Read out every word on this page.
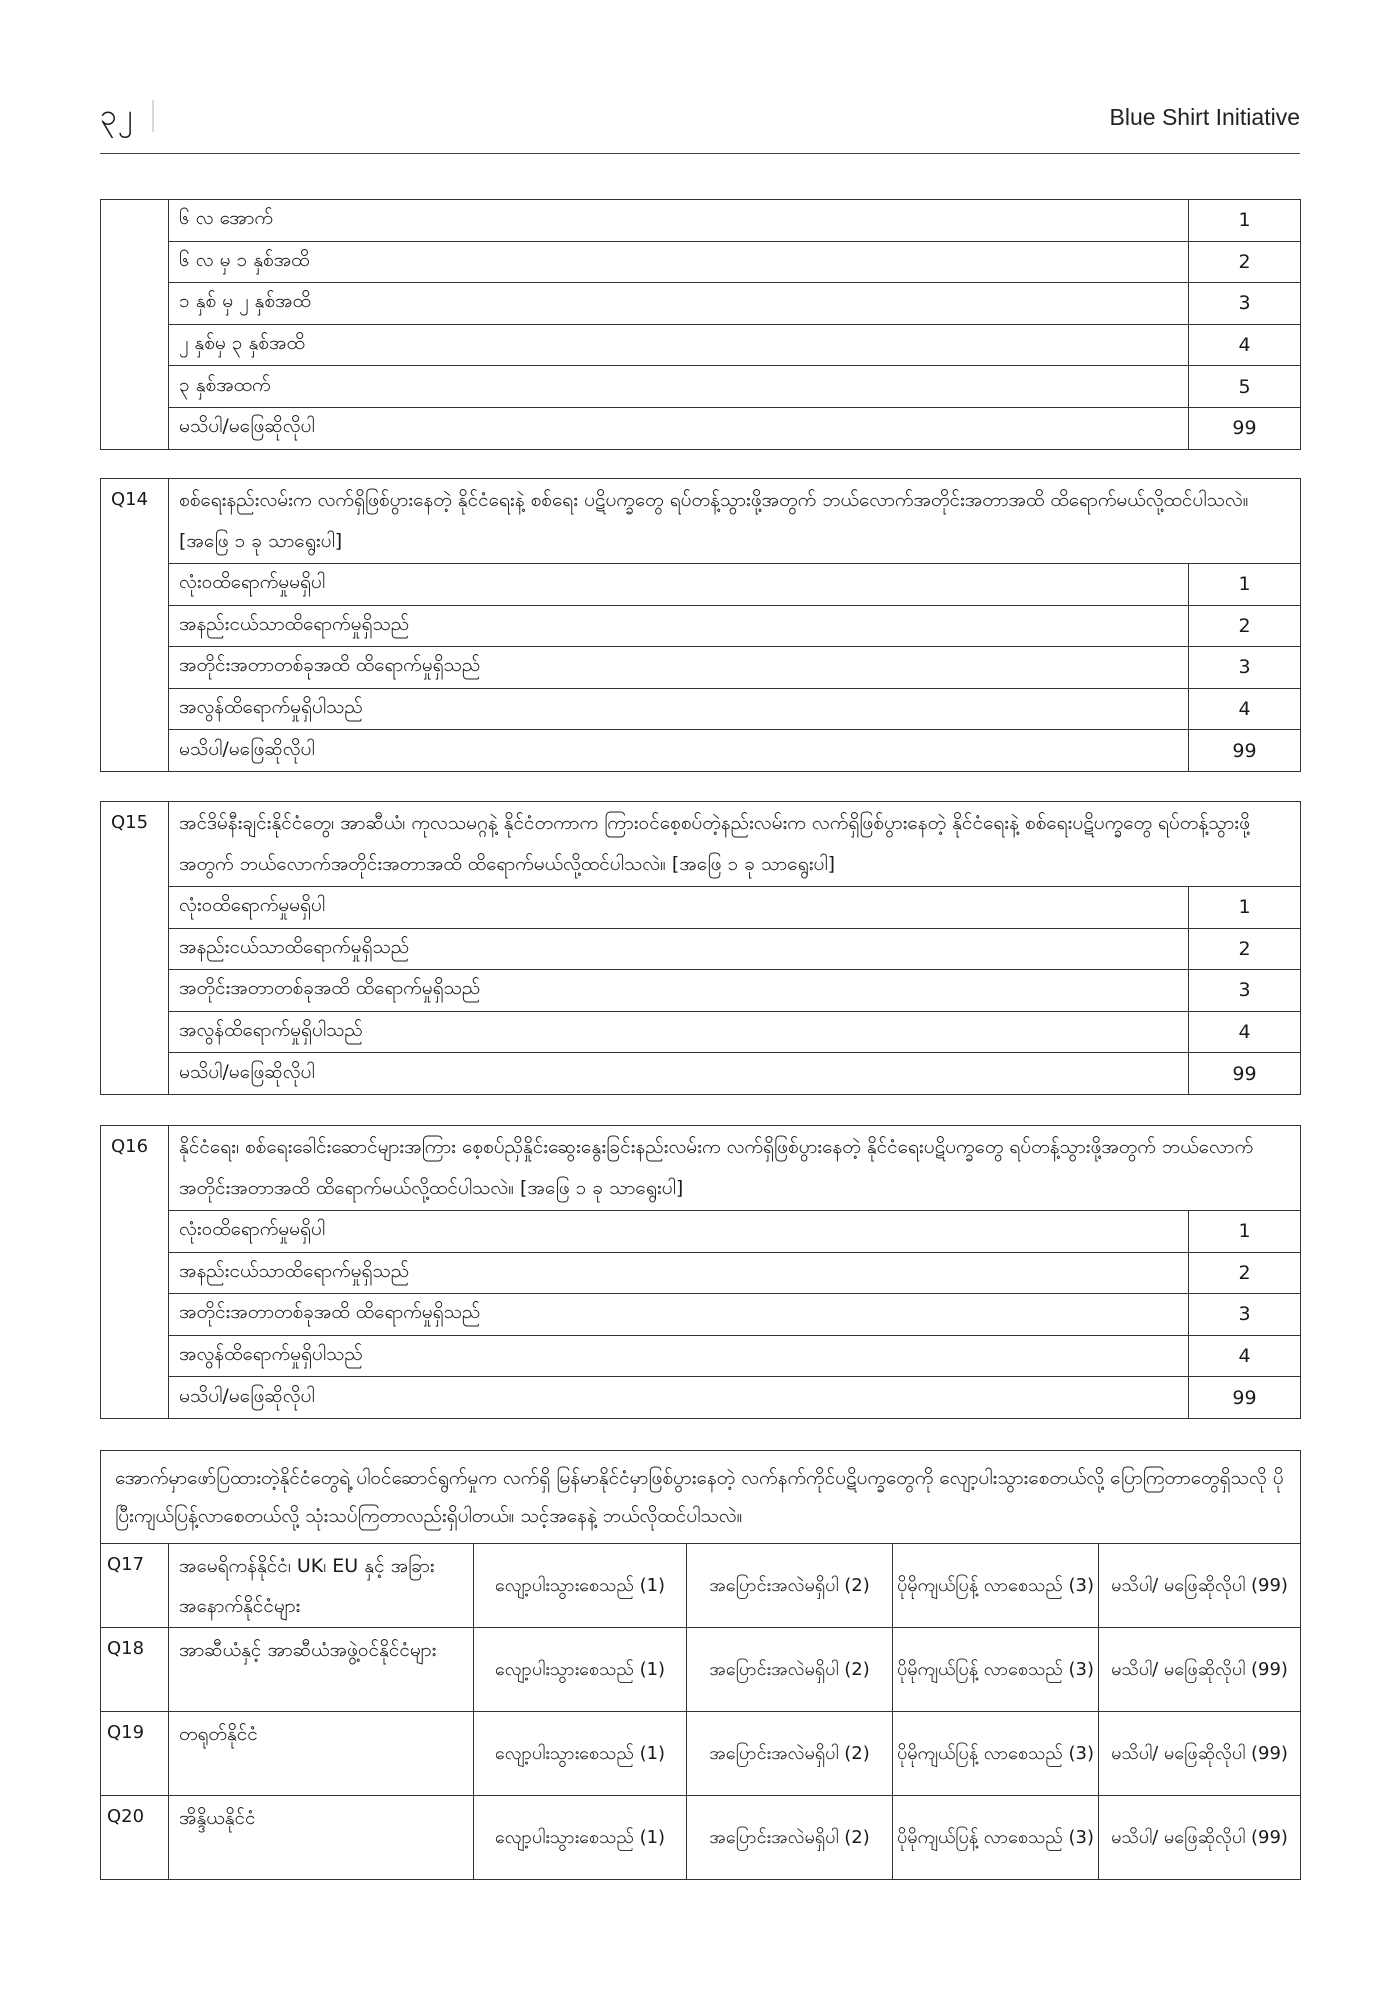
၃၂	Blue Shirt Initiative
	၆ လ အောက်	1
	၆ လ မှ ၁ နှစ်အထိ	2
	၁ နှစ် မှ ၂ နှစ်အထိ	3
	၂ နှစ်မှ ၃ နှစ်အထိ	4
	၃ နှစ်အထက်	5
	မသိပါ/မဖြေဆိုလိုပါ	99
Q14	စစ်ရေးနည်းလမ်းက လက်ရှိဖြစ်ပွားနေတဲ့ နိုင်ငံရေးနဲ့ စစ်ရေး ပဋိပက္ခတွေ ရပ်တန့်သွားဖို့အတွက် ဘယ်လောက်အတိုင်းအတာအထိ ထိရောက်မယ်လို့ထင်ပါသလဲ။ [အဖြေ ၁ ခု သာရွေးပါ]	
	လုံးဝထိရောက်မှုမရှိပါ	1
	အနည်းငယ်သာထိရောက်မှုရှိသည်	2
	အတိုင်းအတာတစ်ခုအထိ ထိရောက်မှုရှိသည်	3
	အလွန်ထိရောက်မှုရှိပါသည်	4
	မသိပါ/မဖြေဆိုလိုပါ	99
Q15	အင်ဒိမ်နီးချင်းနိုင်ငံတွေ၊ အာဆီယံ၊ ကုလသမဂ္ဂနဲ့ နိုင်ငံတကာက ကြားဝင်စေ့စပ်တဲ့နည်းလမ်းက လက်ရှိဖြစ်ပွားနေတဲ့ နိုင်ငံရေးနဲ့ စစ်ရေးပဋိပက္ခတွေ ရပ်တန့်သွားဖို့အတွက် ဘယ်လောက်အတိုင်းအတာအထိ ထိရောက်မယ်လို့ထင်ပါသလဲ။ [အဖြေ ၁ ခု သာရွေးပါ]	
	လုံးဝထိရောက်မှုမရှိပါ	1
	အနည်းငယ်သာထိရောက်မှုရှိသည်	2
	အတိုင်းအတာတစ်ခုအထိ ထိရောက်မှုရှိသည်	3
	အလွန်ထိရောက်မှုရှိပါသည်	4
	မသိပါ/မဖြေဆိုလိုပါ	99
Q16	နိုင်ငံရေး၊ စစ်ရေးခေါင်းဆောင်များအကြား စေ့စပ်ညှိနှိုင်းဆွေးနွေးခြင်းနည်းလမ်းက လက်ရှိဖြစ်ပွားနေတဲ့ နိုင်ငံရေးပဋိပက္ခတွေ ရပ်တန့်သွားဖို့အတွက် ဘယ်လောက်အတိုင်းအတာအထိ ထိရောက်မယ်လို့ထင်ပါသလဲ။ [အဖြေ ၁ ခု သာရွေးပါ]	
	လုံးဝထိရောက်မှုမရှိပါ	1
	အနည်းငယ်သာထိရောက်မှုရှိသည်	2
	အတိုင်းအတာတစ်ခုအထိ ထိရောက်မှုရှိသည်	3
	အလွန်ထိရောက်မှုရှိပါသည်	4
	မသိပါ/မဖြေဆိုလိုပါ	99
အောက်မှာဖော်ပြထားတဲ့နိုင်ငံတွေရဲ့ ပါဝင်ဆောင်ရွက်မှုက လက်ရှိ မြန်မာနိုင်ငံမှာဖြစ်ပွားနေတဲ့ လက်နက်ကိုင်ပဋိပက္ခတွေကို လျော့ပါးသွားစေတယ်လို့ ပြောကြတာတွေရှိသလို ပိုပြီးကျယ်ပြန့်လာစေတယ်လို့ သုံးသပ်ကြတာလည်းရှိပါတယ်။ သင့်အနေနဲ့ ဘယ်လိုထင်ပါသလဲ။					
Q17	အမေရိကန်နိုင်ငံ၊ UK၊ EU နှင့် အခြားအနောက်နိုင်ငံများ	လျော့ပါးသွားစေသည် (1)	အပြောင်းအလဲမရှိပါ (2)	ပိုမိုကျယ်ပြန့် လာစေသည် (3)	မသိပါ/ မဖြေဆိုလိုပါ (99)
Q18	အာဆီယံနှင့် အာဆီယံအဖွဲ့ဝင်နိုင်ငံများ	လျော့ပါးသွားစေသည် (1)	အပြောင်းအလဲမရှိပါ (2)	ပိုမိုကျယ်ပြန့် လာစေသည် (3)	မသိပါ/ မဖြေဆိုလိုပါ (99)
Q19	တရုတ်နိုင်ငံ	လျော့ပါးသွားစေသည် (1)	အပြောင်းအလဲမရှိပါ (2)	ပိုမိုကျယ်ပြန့် လာစေသည် (3)	မသိပါ/ မဖြေဆိုလိုပါ (99)
Q20	အိန္ဒိယနိုင်ငံ	လျော့ပါးသွားစေသည် (1)	အပြောင်းအလဲမရှိပါ (2)	ပိုမိုကျယ်ပြန့် လာစေသည် (3)	မသိပါ/ မဖြေဆိုလိုပါ (99)
